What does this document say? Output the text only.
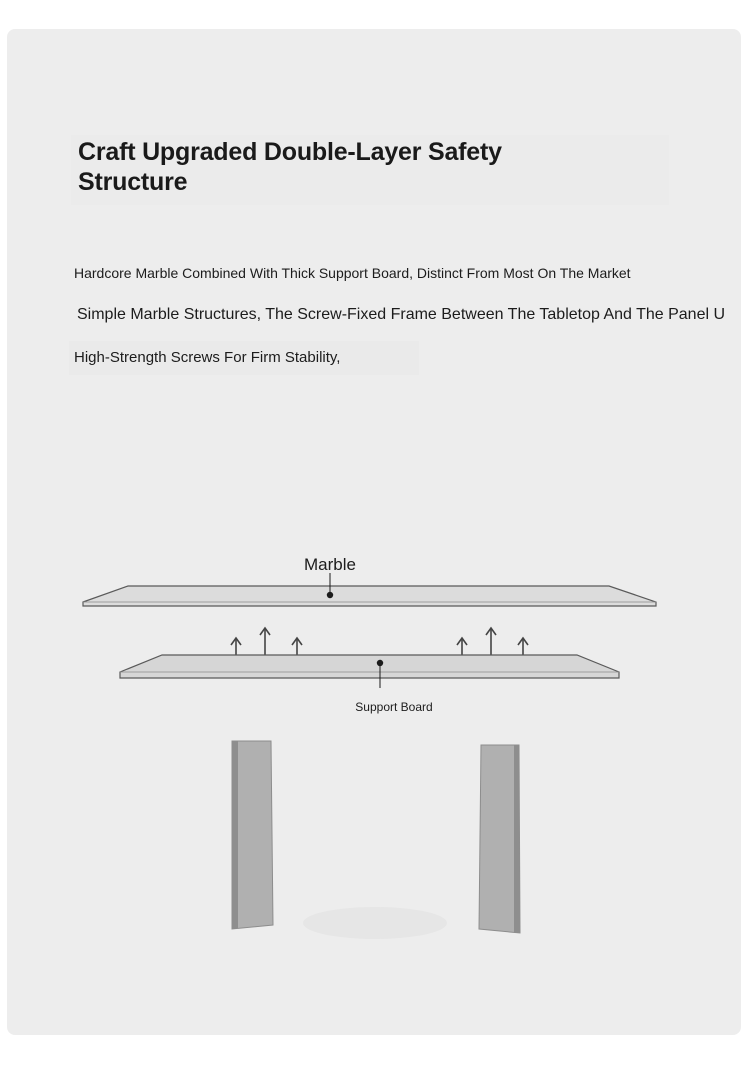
Craft Upgraded Double-Layer Safety Structure

Hardcore Marble Combined With Thick Support Board, Distinct From Most On The Market

Simple Marble Structures, The Screw-Fixed Frame Between The Tabletop And The Panel U

High-Strength Screws For Firm Stability,

Marble
Support Board
